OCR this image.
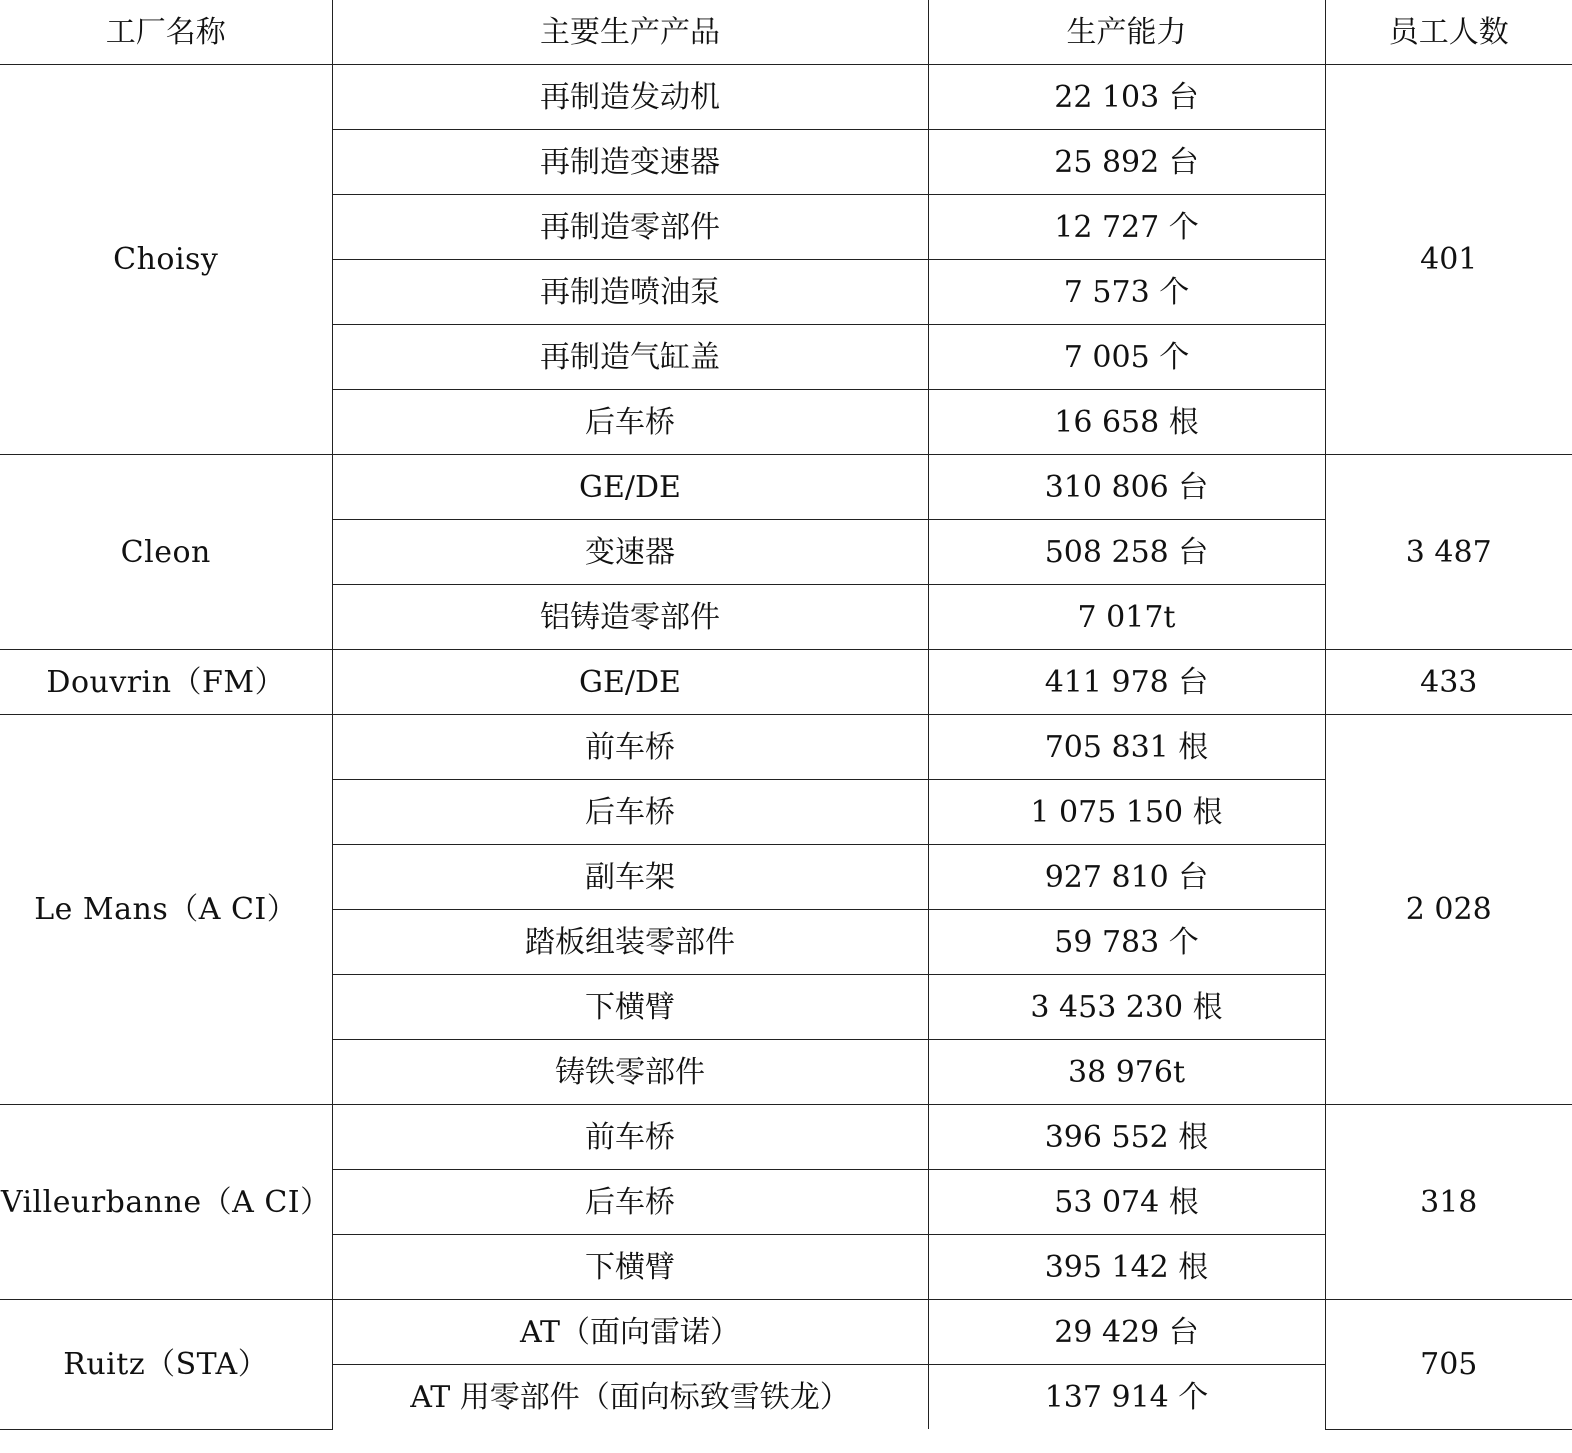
工厂名称	主要生产产品	生产能力	员工人数
Choisy	再制造发动机	22 103 台	401
	再制造变速器	25 892 台	
	再制造零部件	12 727 个	
	再制造喷油泵	7 573 个	
	再制造气缸盖	7 005 个	
	后车桥	16 658 根	
Cleon	GE/DE	310 806 台	3 487
	变速器	508 258 台	
	铝铸造零部件	7 017t	
Douvrin（FM）	GE/DE	411 978 台	433
Le Mans（A CI）	前车桥	705 831 根	2 028
	后车桥	1 075 150 根	
	副车架	927 810 台	
	踏板组装零部件	59 783 个	
	下横臂	3 453 230 根	
	铸铁零部件	38 976t	
Villeurbanne（A CI）	前车桥	396 552 根	318
	后车桥	53 074 根	
	下横臂	395 142 根	
Ruitz（STA）	AT（面向雷诺）	29 429 台	705
	AT 用零部件（面向标致雪铁龙）	137 914 个	
